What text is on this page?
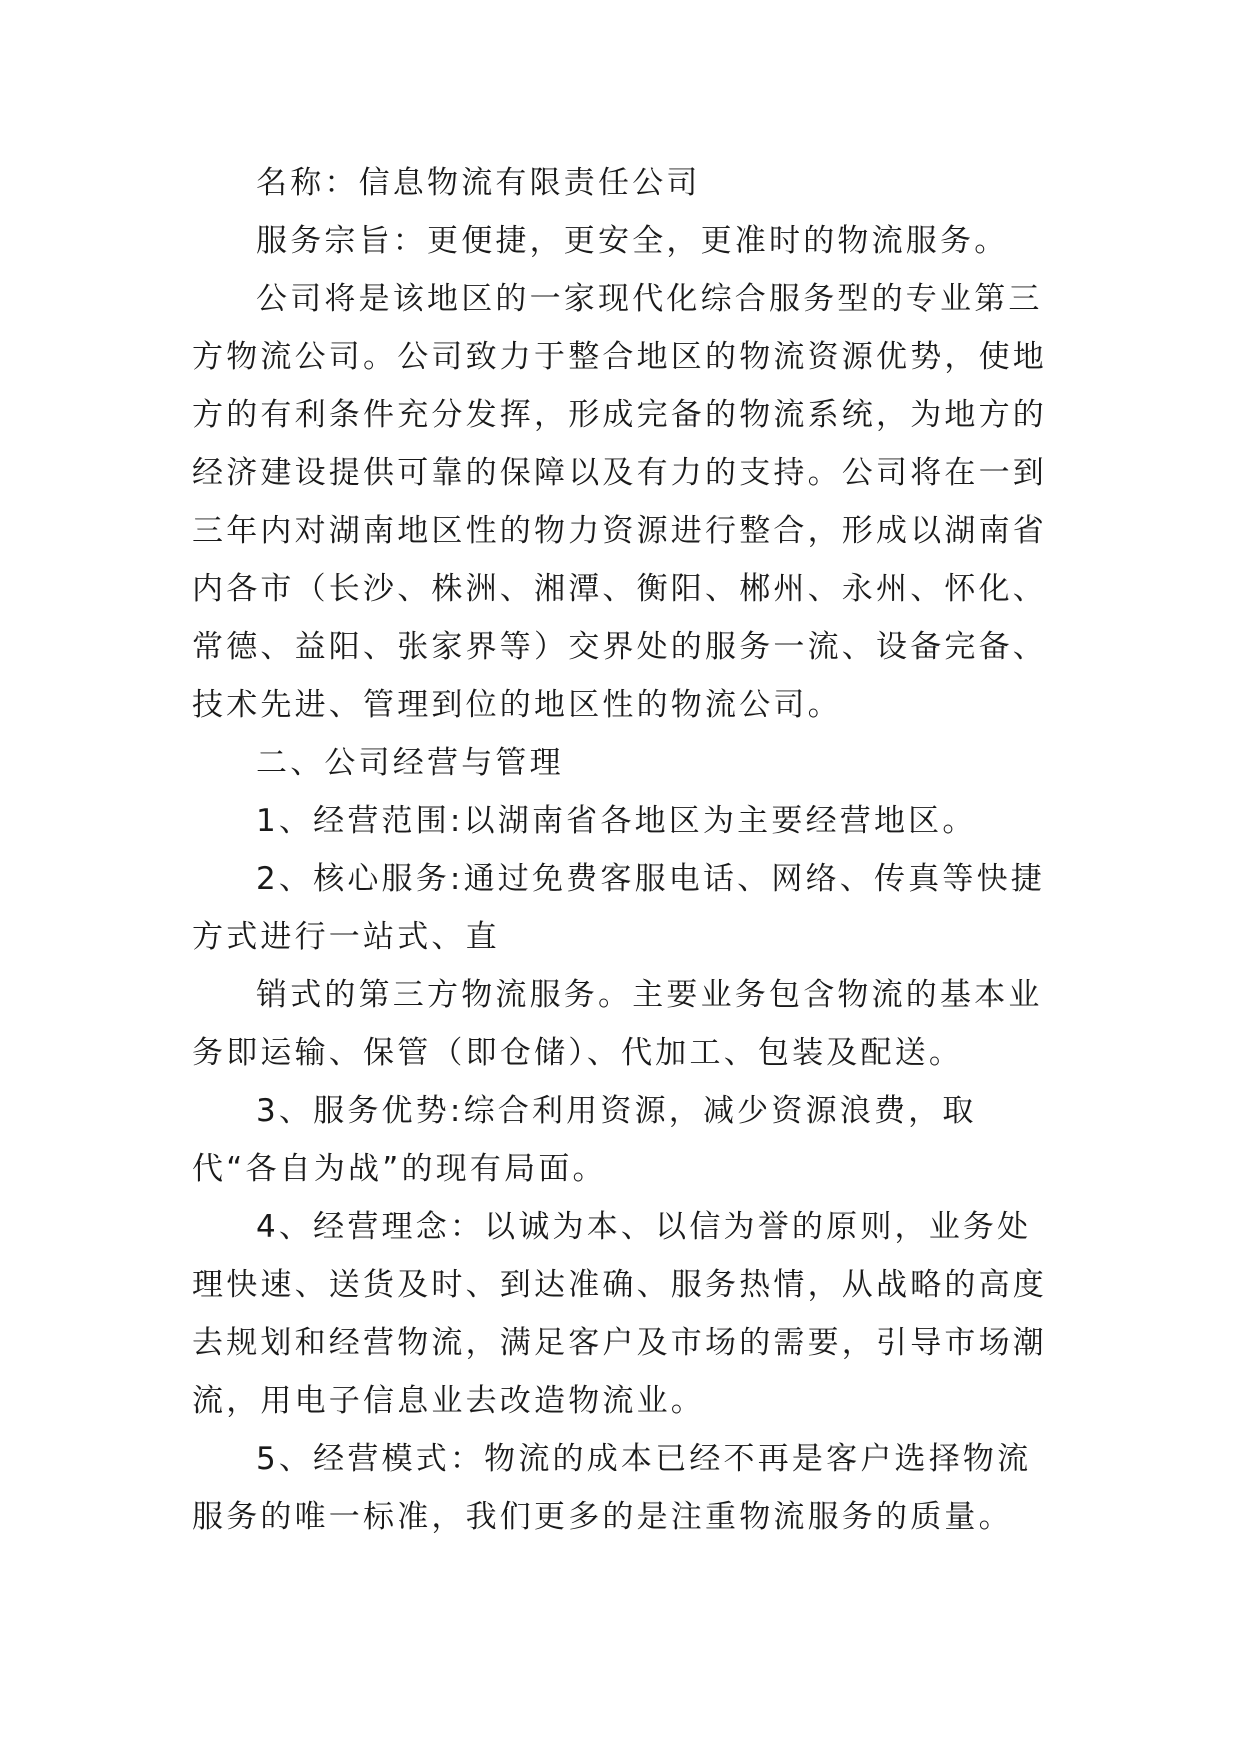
名称：信息物流有限责任公司

服务宗旨：更便捷，更安全，更准时的物流服务。

公司将是该地区的一家现代化综合服务型的专业第三方物流公司。公司致力于整合地区的物流资源优势，使地方的有利条件充分发挥，形成完备的物流系统，为地方的经济建设提供可靠的保障以及有力的支持。公司将在一到三年内对湖南地区性的物力资源进行整合，形成以湖南省内各市（长沙、株洲、湘潭、衡阳、郴州、永州、怀化、常德、益阳、张家界等）交界处的服务一流、设备完备、技术先进、管理到位的地区性的物流公司。

二、公司经营与管理

1、经营范围:以湖南省各地区为主要经营地区。

2、核心服务:通过免费客服电话、网络、传真等快捷方式进行一站式、直

销式的第三方物流服务。主要业务包含物流的基本业务即运输、保管（即仓储）、代加工、包装及配送。

3、服务优势:综合利用资源，减少资源浪费，取代“各自为战”的现有局面。

4、经营理念：以诚为本、以信为誉的原则，业务处理快速、送货及时、到达准确、服务热情，从战略的高度去规划和经营物流，满足客户及市场的需要，引导市场潮流，用电子信息业去改造物流业。

5、经营模式：物流的成本已经不再是客户选择物流服务的唯一标准，我们更多的是注重物流服务的质量。
